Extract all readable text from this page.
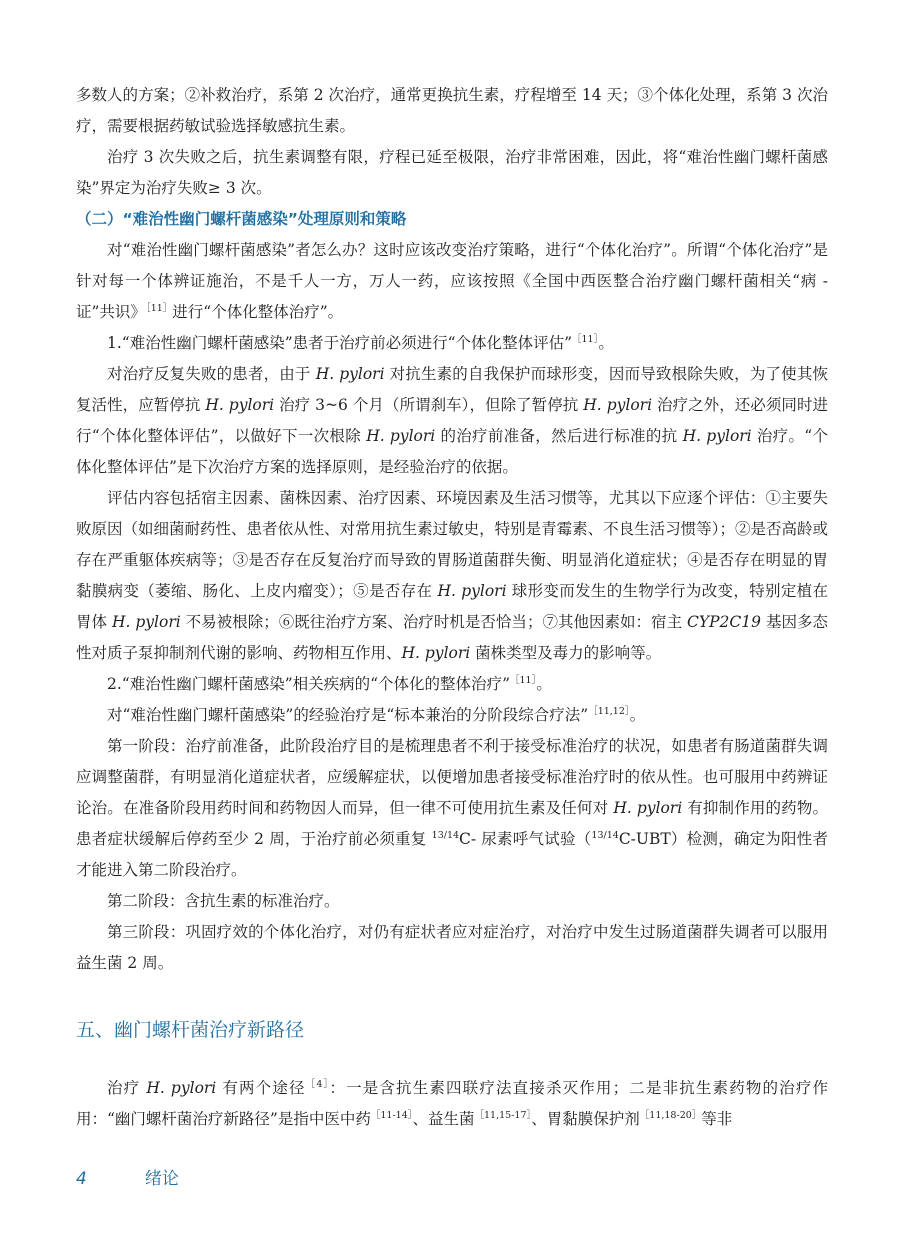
多数人的方案；②补救治疗，系第 2 次治疗，通常更换抗生素，疗程增至 14 天；③个体化处理，系第 3 次治疗，需要根据药敏试验选择敏感抗生素。

治疗 3 次失败之后，抗生素调整有限，疗程已延至极限，治疗非常困难，因此，将“难治性幽门螺杆菌感染”界定为治疗失败≥ 3 次。

（二）“难治性幽门螺杆菌感染”处理原则和策略

对“难治性幽门螺杆菌感染”者怎么办？这时应该改变治疗策略，进行“个体化治疗”。所谓“个体化治疗”是针对每一个体辨证施治，不是千人一方，万人一药，应该按照《全国中西医整合治疗幽门螺杆菌相关“病 - 证”共识》$^{[11]}$进行“个体化整体治疗”。

1.“难治性幽门螺杆菌感染”患者于治疗前必须进行“个体化整体评估”$^{[11]}$。

对治疗反复失败的患者，由于 H. pylori 对抗生素的自我保护而球形变，因而导致根除失败，为了使其恢复活性，应暂停抗 H. pylori 治疗 3~6 个月（所谓刹车），但除了暂停抗 H. pylori 治疗之外，还必须同时进行“个体化整体评估”，以做好下一次根除 H. pylori 的治疗前准备，然后进行标准的抗 H. pylori 治疗。“个体化整体评估”是下次治疗方案的选择原则，是经验治疗的依据。

评估内容包括宿主因素、菌株因素、治疗因素、环境因素及生活习惯等，尤其以下应逐个评估：①主要失败原因（如细菌耐药性、患者依从性、对常用抗生素过敏史，特别是青霉素、不良生活习惯等）；②是否高龄或存在严重躯体疾病等；③是否存在反复治疗而导致的胃肠道菌群失衡、明显消化道症状；④是否存在明显的胃黏膜病变（萎缩、肠化、上皮内瘤变）；⑤是否存在 H. pylori 球形变而发生的生物学行为改变，特别定植在胃体 H. pylori 不易被根除；⑥既往治疗方案、治疗时机是否恰当；⑦其他因素如：宿主 CYP2C19 基因多态性对质子泵抑制剂代谢的影响、药物相互作用、H. pylori 菌株类型及毒力的影响等。

2.“难治性幽门螺杆菌感染”相关疾病的“个体化的整体治疗”$^{[11]}$。

对“难治性幽门螺杆菌感染”的经验治疗是“标本兼治的分阶段综合疗法”$^{[11,12]}$。

第一阶段：治疗前准备，此阶段治疗目的是梳理患者不利于接受标准治疗的状况，如患者有肠道菌群失调应调整菌群，有明显消化道症状者，应缓解症状，以便增加患者接受标准治疗时的依从性。也可服用中药辨证论治。在准备阶段用药时间和药物因人而异，但一律不可使用抗生素及任何对 H. pylori 有抑制作用的药物。患者症状缓解后停药至少 2 周，于治疗前必须重复 $^{13/14}$C- 尿素呼气试验（$^{13/14}$C-UBT）检测，确定为阳性者才能进入第二阶段治疗。

第二阶段：含抗生素的标准治疗。

第三阶段：巩固疗效的个体化治疗，对仍有症状者应对症治疗，对治疗中发生过肠道菌群失调者可以服用益生菌 2 周。

五、幽门螺杆菌治疗新路径

治疗 H. pylori 有两个途径$^{[4]}$：一是含抗生素四联疗法直接杀灭作用；二是非抗生素药物的治疗作用：“幽门螺杆菌治疗新路径”是指中医中药$^{[11-14]}$、益生菌$^{[11,15-17]}$、胃黏膜保护剂$^{[11,18-20]}$等非

4	绪论
